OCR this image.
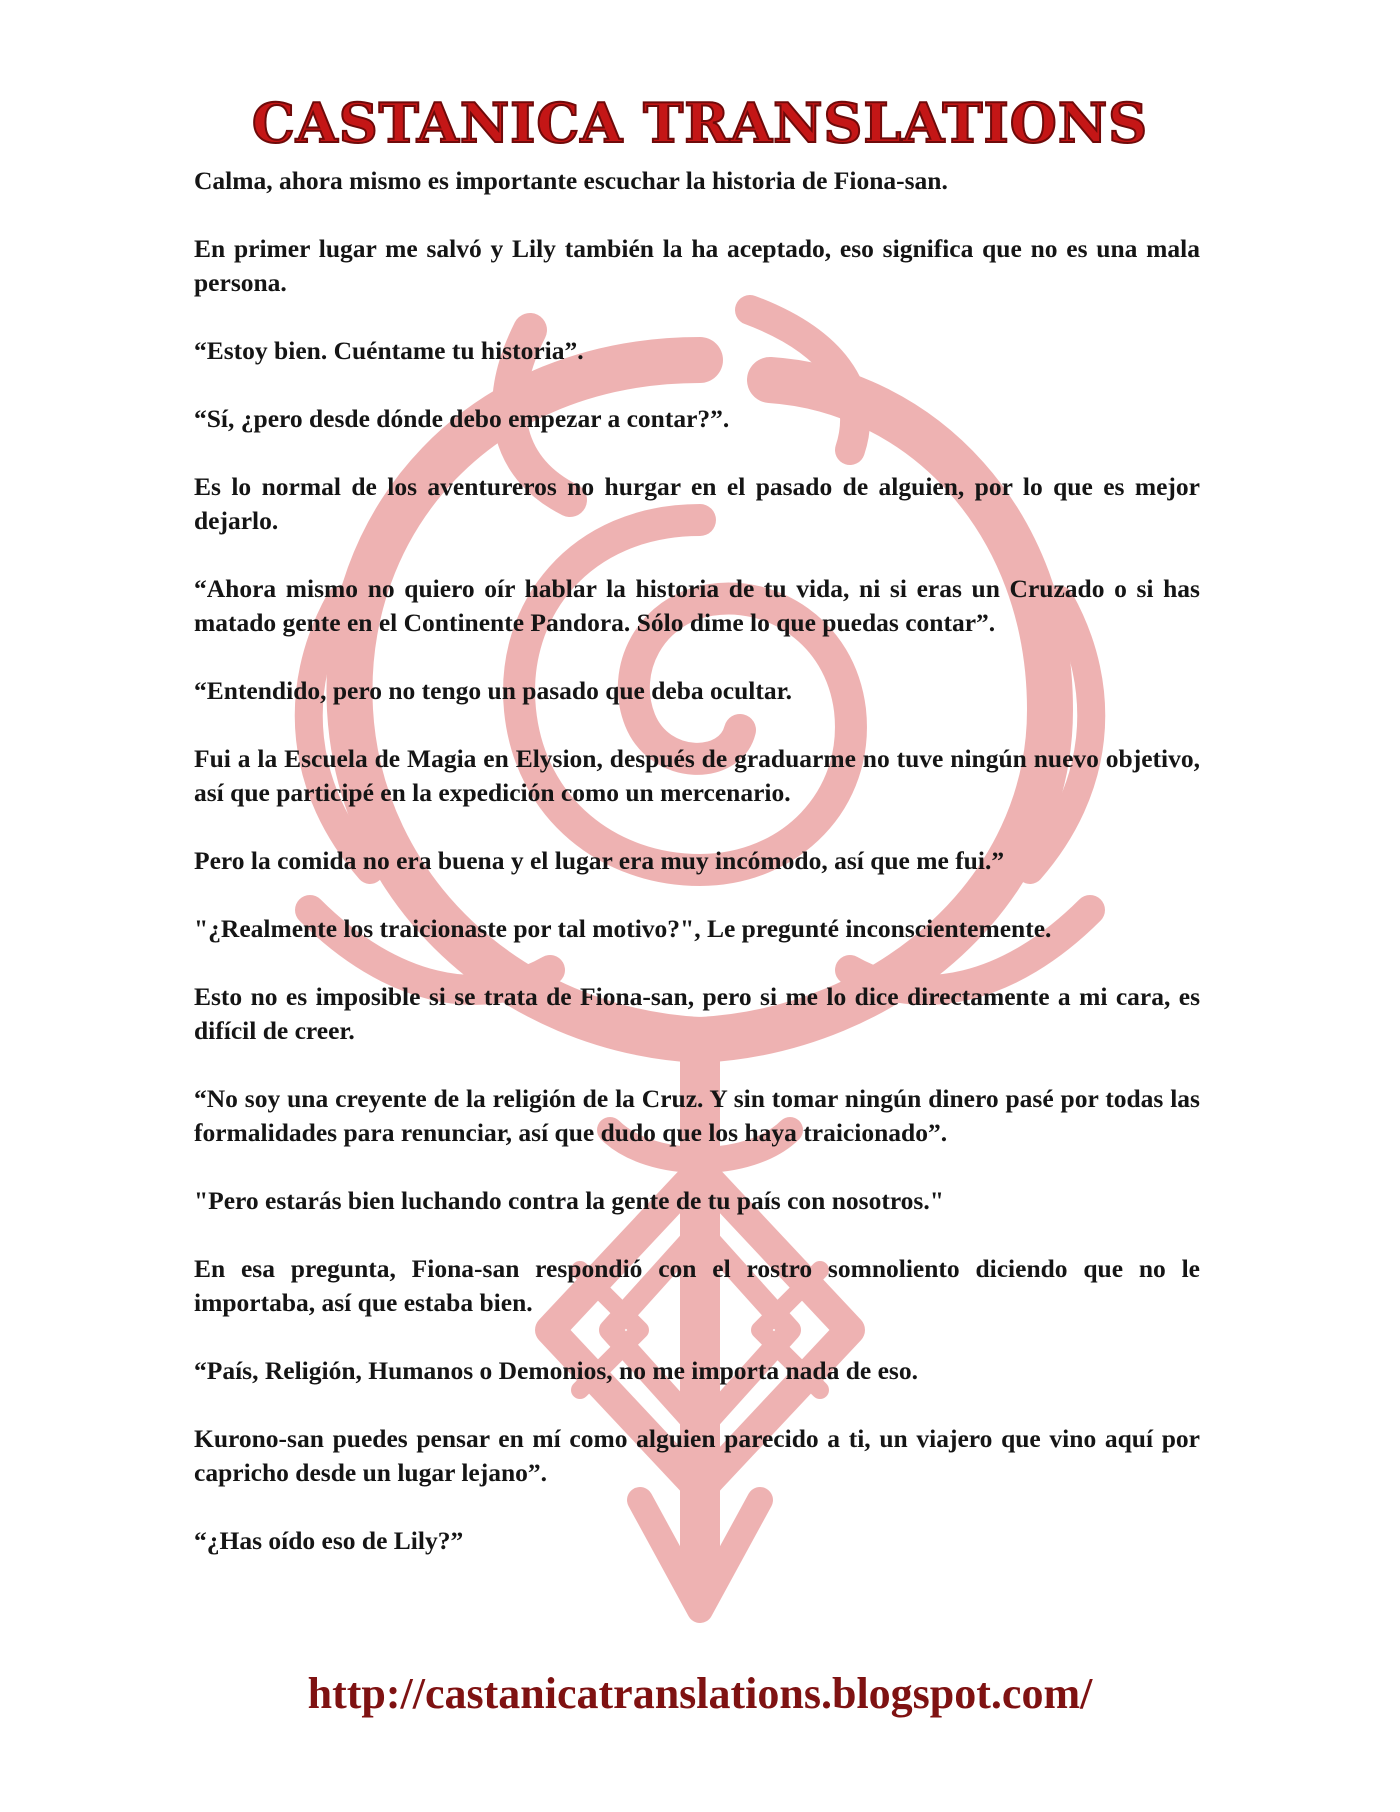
CASTANICA TRANSLATIONS

Calma, ahora mismo es importante escuchar la historia de Fiona-san.

En primer lugar me salvó y Lily también la ha aceptado, eso significa que no es una mala persona.

“Estoy bien. Cuéntame tu historia”.

“Sí, ¿pero desde dónde debo empezar a contar?”.

Es lo normal de los aventureros no hurgar en el pasado de alguien, por lo que es mejor dejarlo.

“Ahora mismo no quiero oír hablar la historia de tu vida, ni si eras un Cruzado o si has matado gente en el Continente Pandora. Sólo dime lo que puedas contar”.

“Entendido, pero no tengo un pasado que deba ocultar.

Fui a la Escuela de Magia en Elysion, después de graduarme no tuve ningún nuevo objetivo, así que participé en la expedición como un mercenario.

Pero la comida no era buena y el lugar era muy incómodo, así que me fui.”

"¿Realmente los traicionaste por tal motivo?", Le pregunté inconscientemente.

Esto no es imposible si se trata de Fiona-san, pero si me lo dice directamente a mi cara, es difícil de creer.

“No soy una creyente de la religión de la Cruz. Y sin tomar ningún dinero pasé por todas las formalidades para renunciar, así que dudo que los haya traicionado”.

"Pero estarás bien luchando contra la gente de tu país con nosotros."

En esa pregunta, Fiona-san respondió con el rostro somnoliento diciendo que no le importaba, así que estaba bien.

“País, Religión, Humanos o Demonios, no me importa nada de eso.

Kurono-san puedes pensar en mí como alguien parecido a ti, un viajero que vino aquí por capricho desde un lugar lejano”.

“¿Has oído eso de Lily?”

http://castanicatranslations.blogspot.com/
